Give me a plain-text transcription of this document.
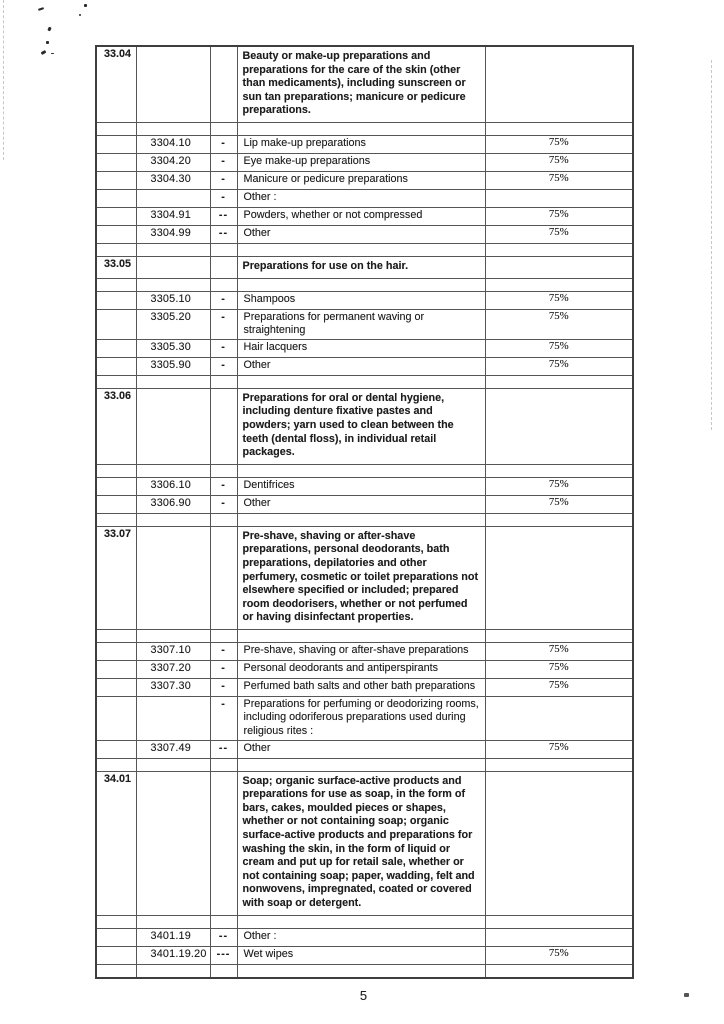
33.04			Beauty or make-up preparations and preparations for the care of the skin (other than medicaments), including sunscreen or sun tan preparations; manicure or pedicure preparations.	

	3304.10	-	Lip make-up preparations	75%
	3304.20	-	Eye make-up preparations	75%
	3304.30	-	Manicure or pedicure preparations	75%
		-	Other :	
	3304.91	--	Powders, whether or not compressed	75%
	3304.99	--	Other	75%

33.05			Preparations for use on the hair.	

	3305.10	-	Shampoos	75%
	3305.20	-	Preparations for permanent waving or straightening	75%
	3305.30	-	Hair lacquers	75%
	3305.90	-	Other	75%

33.06			Preparations for oral or dental hygiene, including denture fixative pastes and powders; yarn used to clean between the teeth (dental floss), in individual retail packages.	

	3306.10	-	Dentifrices	75%
	3306.90	-	Other	75%

33.07			Pre-shave, shaving or after-shave preparations, personal deodorants, bath preparations, depilatories and other perfumery, cosmetic or toilet preparations not elsewhere specified or included; prepared room deodorisers, whether or not perfumed or having disinfectant properties.	

	3307.10	-	Pre-shave, shaving or after-shave preparations	75%
	3307.20	-	Personal deodorants and antiperspirants	75%
	3307.30	-	Perfumed bath salts and other bath preparations	75%
		-	Preparations for perfuming or deodorizing rooms, including odoriferous preparations used during religious rites :	
	3307.49	--	Other	75%

34.01			Soap; organic surface-active products and preparations for use as soap, in the form of bars, cakes, moulded pieces or shapes, whether or not containing soap; organic surface-active products and preparations for washing the skin, in the form of liquid or cream and put up for retail sale, whether or not containing soap; paper, wadding, felt and nonwovens, impregnated, coated or covered with soap or detergent.	

	3401.19	--	Other :	
	3401.19.20	---	Wet wipes	75%

5
